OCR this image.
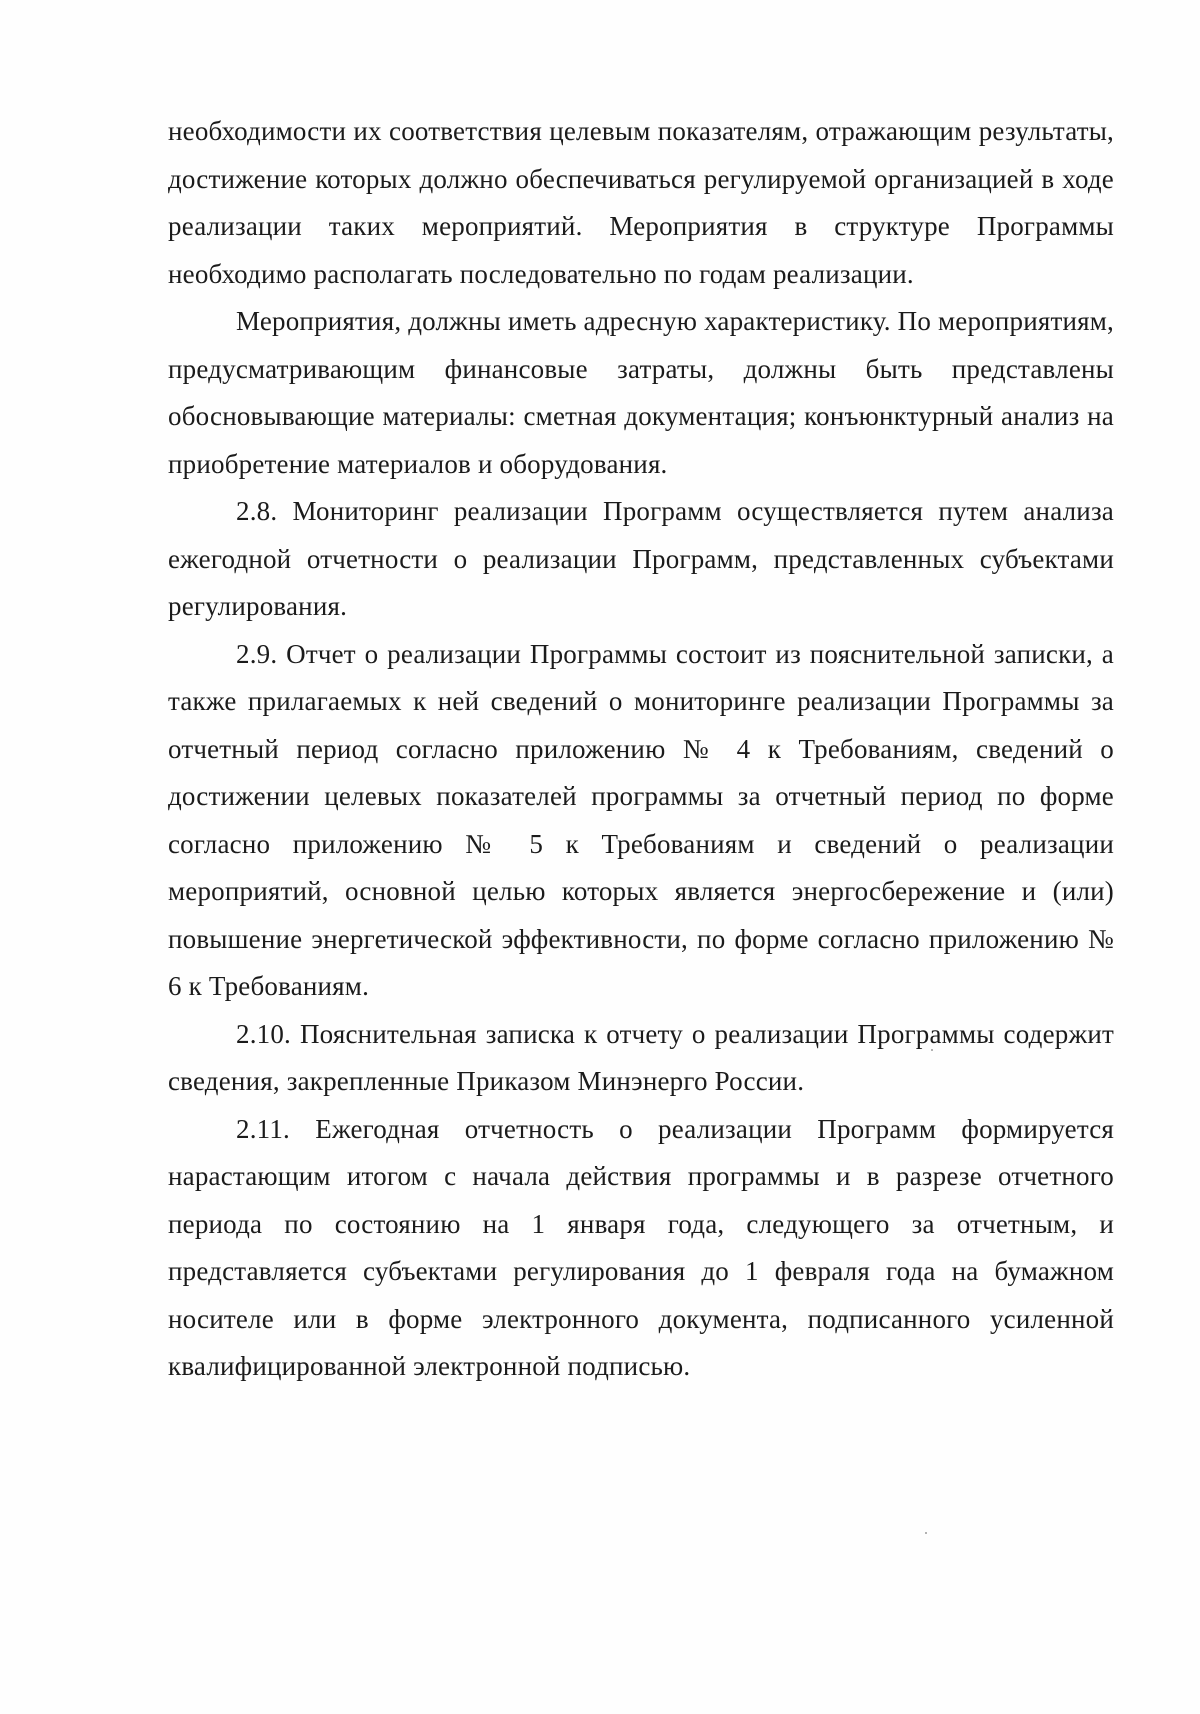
необходимости их соответствия целевым показателям, отражающим результаты, достижение которых должно обеспечиваться регулируемой организацией в ходе реализации таких мероприятий. Мероприятия в структуре Программы необходимо располагать последовательно по годам реализации.

Мероприятия, должны иметь адресную характеристику. По мероприятиям, предусматривающим финансовые затраты, должны быть представлены обосновывающие материалы: сметная документация; конъюнктурный анализ на приобретение материалов и оборудования.

2.8. Мониторинг реализации Программ осуществляется путем анализа ежегодной отчетности о реализации Программ, представленных субъектами регулирования.

2.9. Отчет о реализации Программы состоит из пояснительной записки, а также прилагаемых к ней сведений о мониторинге реализации Программы за отчетный период согласно приложению № 4 к Требованиям, сведений о достижении целевых показателей программы за отчетный период по форме согласно приложению № 5 к Требованиям и сведений о реализации мероприятий, основной целью которых является энергосбережение и (или) повышение энергетической эффективности, по форме согласно приложению № 6 к Требованиям.

2.10. Пояснительная записка к отчету о реализации Программы содержит сведения, закрепленные Приказом Минэнерго России.

2.11. Ежегодная отчетность о реализации Программ формируется нарастающим итогом с начала действия программы и в разрезе отчетного периода по состоянию на 1 января года, следующего за отчетным, и представляется субъектами регулирования до 1 февраля года на бумажном носителе или в форме электронного документа, подписанного усиленной квалифицированной электронной подписью.
